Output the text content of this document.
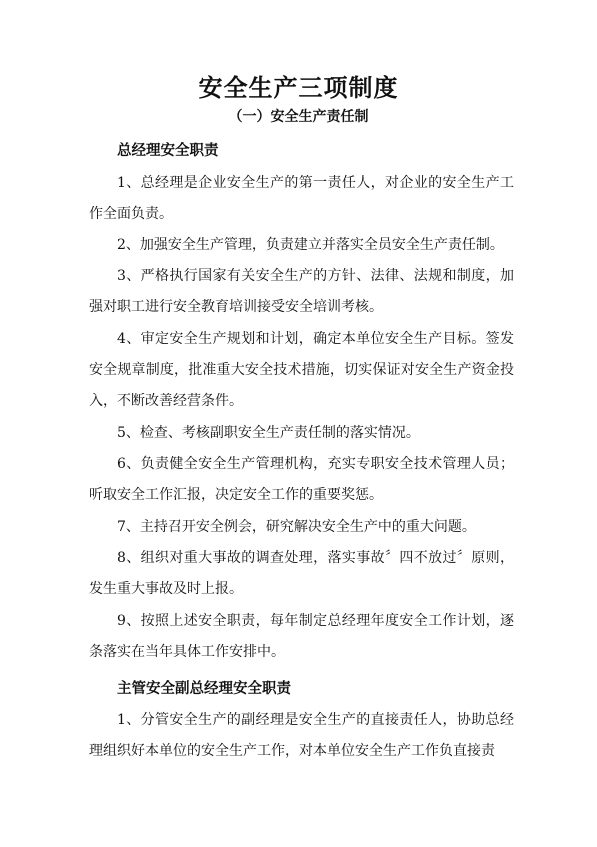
安全生产三项制度
（一）安全生产责任制
总经理安全职责
1、总经理是企业安全生产的第一责任人，对企业的安全生产工作全面负责。
2、加强安全生产管理，负责建立并落实全员安全生产责任制。
3、严格执行国家有关安全生产的方针、法律、法规和制度，加强对职工进行安全教育培训接受安全培训考核。
4、审定安全生产规划和计划，确定本单位安全生产目标。签发安全规章制度，批准重大安全技术措施，切实保证对安全生产资金投入，不断改善经营条件。
5、检查、考核副职安全生产责任制的落实情况。
6、负责健全安全生产管理机构，充实专职安全技术管理人员；听取安全工作汇报，决定安全工作的重要奖惩。
7、主持召开安全例会，研究解决安全生产中的重大问题。
8、组织对重大事故的调查处理，落实事故〞四不放过〞原则，发生重大事故及时上报。
9、按照上述安全职责，每年制定总经理年度安全工作计划，逐条落实在当年具体工作安排中。
主管安全副总经理安全职责
1、分管安全生产的副经理是安全生产的直接责任人，协助总经理组织好本单位的安全生产工作，对本单位安全生产工作负直接责
